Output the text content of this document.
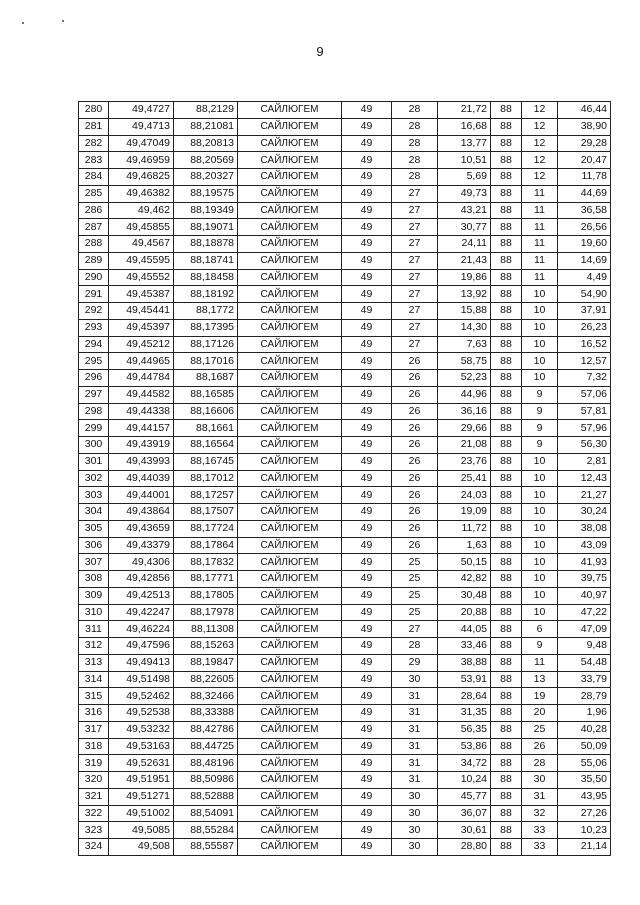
9
280	49,4727	88,2129	САЙЛЮГЕМ	49	28	21,72	88	12	46,44
281	49,4713	88,21081	САЙЛЮГЕМ	49	28	16,68	88	12	38,90
282	49,47049	88,20813	САЙЛЮГЕМ	49	28	13,77	88	12	29,28
283	49,46959	88,20569	САЙЛЮГЕМ	49	28	10,51	88	12	20,47
284	49,46825	88,20327	САЙЛЮГЕМ	49	28	5,69	88	12	11,78
285	49,46382	88,19575	САЙЛЮГЕМ	49	27	49,73	88	11	44,69
286	49,462	88,19349	САЙЛЮГЕМ	49	27	43,21	88	11	36,58
287	49,45855	88,19071	САЙЛЮГЕМ	49	27	30,77	88	11	26,56
288	49,4567	88,18878	САЙЛЮГЕМ	49	27	24,11	88	11	19,60
289	49,45595	88,18741	САЙЛЮГЕМ	49	27	21,43	88	11	14,69
290	49,45552	88,18458	САЙЛЮГЕМ	49	27	19,86	88	11	4,49
291	49,45387	88,18192	САЙЛЮГЕМ	49	27	13,92	88	10	54,90
292	49,45441	88,1772	САЙЛЮГЕМ	49	27	15,88	88	10	37,91
293	49,45397	88,17395	САЙЛЮГЕМ	49	27	14,30	88	10	26,23
294	49,45212	88,17126	САЙЛЮГЕМ	49	27	7,63	88	10	16,52
295	49,44965	88,17016	САЙЛЮГЕМ	49	26	58,75	88	10	12,57
296	49,44784	88,1687	САЙЛЮГЕМ	49	26	52,23	88	10	7,32
297	49,44582	88,16585	САЙЛЮГЕМ	49	26	44,96	88	9	57,06
298	49,44338	88,16606	САЙЛЮГЕМ	49	26	36,16	88	9	57,81
299	49,44157	88,1661	САЙЛЮГЕМ	49	26	29,66	88	9	57,96
300	49,43919	88,16564	САЙЛЮГЕМ	49	26	21,08	88	9	56,30
301	49,43993	88,16745	САЙЛЮГЕМ	49	26	23,76	88	10	2,81
302	49,44039	88,17012	САЙЛЮГЕМ	49	26	25,41	88	10	12,43
303	49,44001	88,17257	САЙЛЮГЕМ	49	26	24,03	88	10	21,27
304	49,43864	88,17507	САЙЛЮГЕМ	49	26	19,09	88	10	30,24
305	49,43659	88,17724	САЙЛЮГЕМ	49	26	11,72	88	10	38,08
306	49,43379	88,17864	САЙЛЮГЕМ	49	26	1,63	88	10	43,09
307	49,4306	88,17832	САЙЛЮГЕМ	49	25	50,15	88	10	41,93
308	49,42856	88,17771	САЙЛЮГЕМ	49	25	42,82	88	10	39,75
309	49,42513	88,17805	САЙЛЮГЕМ	49	25	30,48	88	10	40,97
310	49,42247	88,17978	САЙЛЮГЕМ	49	25	20,88	88	10	47,22
311	49,46224	88,11308	САЙЛЮГЕМ	49	27	44,05	88	6	47,09
312	49,47596	88,15263	САЙЛЮГЕМ	49	28	33,46	88	9	9,48
313	49,49413	88,19847	САЙЛЮГЕМ	49	29	38,88	88	11	54,48
314	49,51498	88,22605	САЙЛЮГЕМ	49	30	53,91	88	13	33,79
315	49,52462	88,32466	САЙЛЮГЕМ	49	31	28,64	88	19	28,79
316	49,52538	88,33388	САЙЛЮГЕМ	49	31	31,35	88	20	1,96
317	49,53232	88,42786	САЙЛЮГЕМ	49	31	56,35	88	25	40,28
318	49,53163	88,44725	САЙЛЮГЕМ	49	31	53,86	88	26	50,09
319	49,52631	88,48196	САЙЛЮГЕМ	49	31	34,72	88	28	55,06
320	49,51951	88,50986	САЙЛЮГЕМ	49	31	10,24	88	30	35,50
321	49,51271	88,52888	САЙЛЮГЕМ	49	30	45,77	88	31	43,95
322	49,51002	88,54091	САЙЛЮГЕМ	49	30	36,07	88	32	27,26
323	49,5085	88,55284	САЙЛЮГЕМ	49	30	30,61	88	33	10,23
324	49,508	88,55587	САЙЛЮГЕМ	49	30	28,80	88	33	21,14
